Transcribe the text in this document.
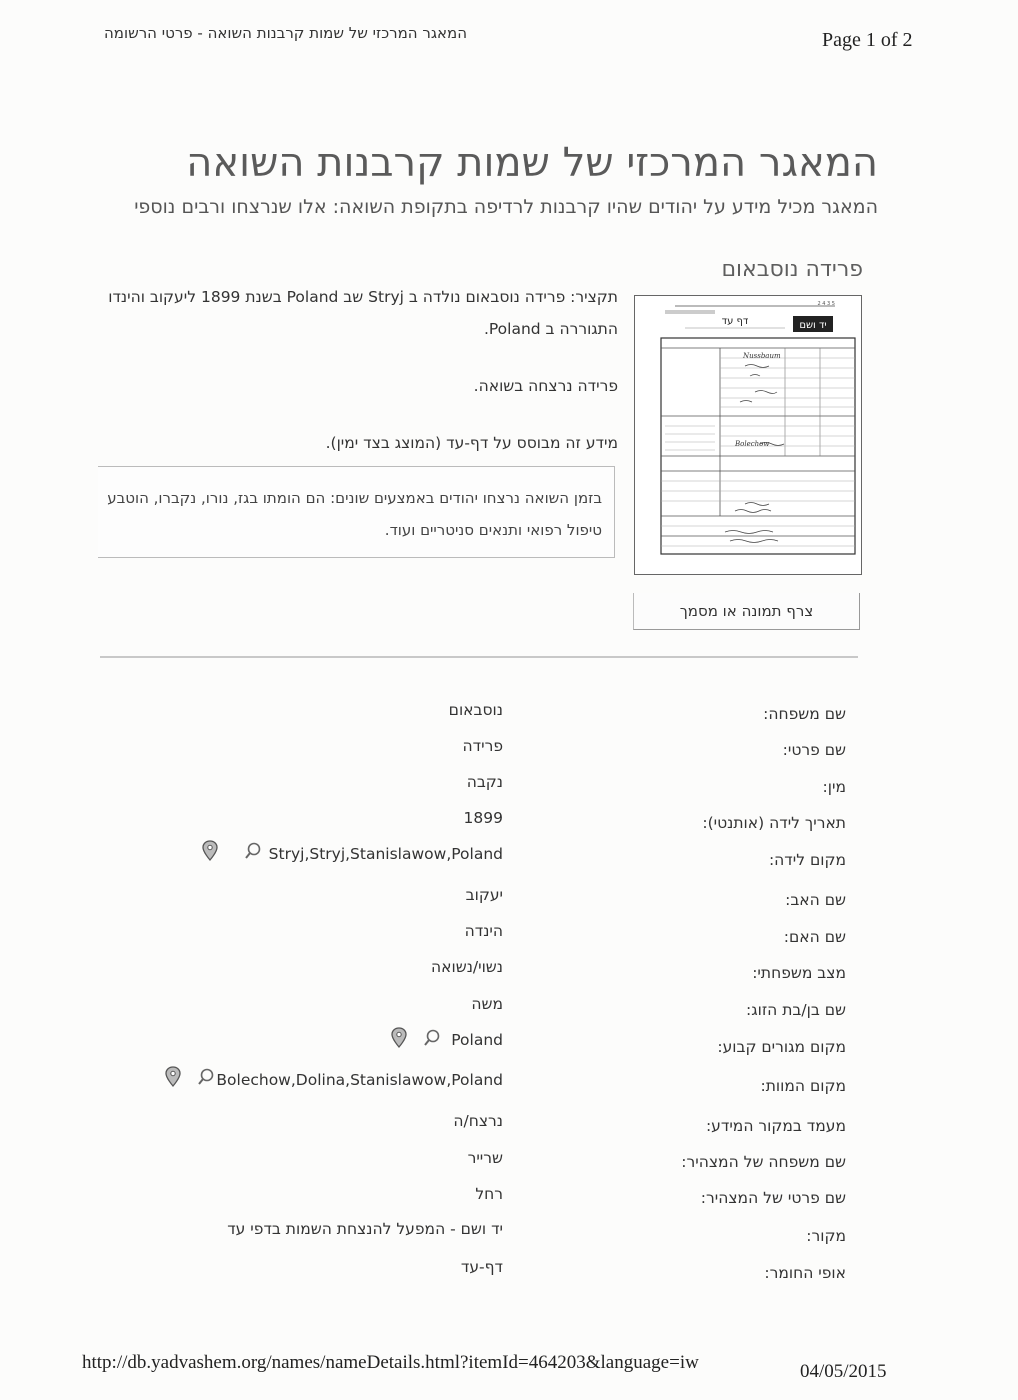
המאגר המרכזי של שמות קרבנות השואה - פרטי הרשומה	Page 1 of 2
המאגר המרכזי של שמות קרבנות השואה
המאגר מכיל מידע על יהודים שהיו קרבנות לרדיפה בתקופת השואה: אלו שנרצחו ורבים נוספי
פרידה נוסבאום
תקציר: פרידה נוסבאום נולדה ב Stryj שב Poland בשנת 1899 ליעקוב והינדו
התגוררה ב Poland.
פרידה נרצחה בשואה.
מידע זה מבוסס על דף-עד (המוצג בצד ימין).
בזמן השואה נרצחו יהודים באמצעים שונים: הם הומתו בגז, נורו, נקברו, הוטבע
טיפול רפואי ותנאים סניטריים ועוד.
2 4 3 5
יד ושם
דף עד
Nussbaum
Bolechow
צרף תמונה או מסמך
שם משפחה:
נוסבאום
שם פרטי:
פרידה
מין:
נקבה
תאריך לידה (אותנטי):
1899
מקום לידה:
Stryj,Stryj,Stanislawow,Poland
שם האב:
יעקוב
שם האם:
הינדה
מצב משפחתי:
נשוי/נשואה
שם בן/בת הזוג:
משה
מקום מגורים קבוע:
Poland
מקום המוות:
Bolechow,Dolina,Stanislawow,Poland
מעמד במקור המידע:
נרצח/ה
שם משפחה של המצהיר:
שרייר
שם פרטי של המצהיר:
רחל
מקור:
יד ושם - המפעל להנצחת השמות בדפי עד
אופי החומר:
דף-עד
http://db.yadvashem.org/names/nameDetails.html?itemId=464203&language=iw	04/05/2015
